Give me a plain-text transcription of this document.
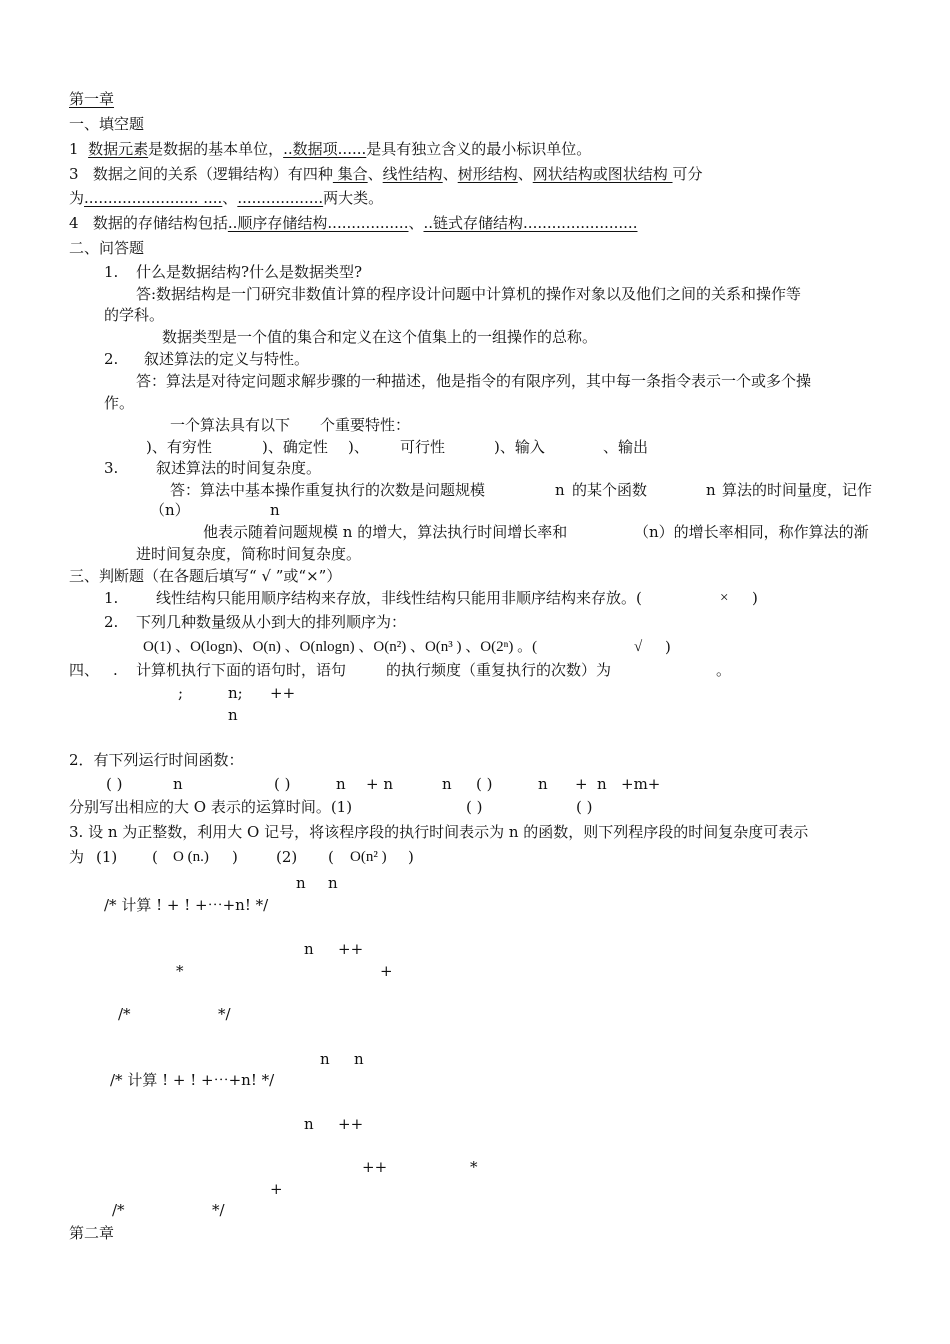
第一章
一、填空题
1 数据元素是数据的基本单位，..数据项......是具有独立含义的最小标识单位。
3 数据之间的关系（逻辑结构）有四种 集合、线性结构、树形结构、网状结构或图状结构 可分
为........................ ....、..................两大类。
4 数据的存储结构包括..顺序存储结构.................、..链式存储结构........................
二、问答题
1. 什么是数据结构?什么是数据类型?
答:数据结构是一门研究非数值计算的程序设计问题中计算机的操作对象以及他们之间的关系和操作等
的学科。
数据类型是一个值的集合和定义在这个值集上的一组操作的总称。
2. 叙述算法的定义与特性。
答：算法是对待定问题求解步骤的一种描述，他是指令的有限序列，其中每一条指令表示一个或多个操
作。
一个算法具有以下 个重要特性：
)、有穷性	)、确定性 )、 可行性	)、输入	、输出
3.	叙述算法的时间复杂度。
答：算法中基本操作重复执行的次数是问题规模	n 的某个函数	n 算法的时间量度，记作
（n）	n
他表示随着问题规模 n 的增大，算法执行时间增长率和	（n）的增长率相同，称作算法的渐
进时间复杂度，简称时间复杂度。
三、判断题（在各题后填写“ √ ”或“×”）
1.	线性结构只能用顺序结构来存放，非线性结构只能用非顺序结构来存放。(	× )
2. 下列几种数量级从小到大的排列顺序为：
O(1) 、O(logn)、O(n) 、O(nlogn) 、O(n²) 、O(n³ ) 、O(2ⁿ) 。(	√ )
四、 . 计算机执行下面的语句时，语句	的执行频度（重复执行的次数）为	。
;	n; ++
n
2．有下列运行时间函数：
( )	n	( )	n + n	n ( )	n + n +m+
分别写出相应的大 O 表示的运算时间。(1)	( )	( )
3. 设 n 为正整数，利用大 O 记号，将该程序段的执行时间表示为 n 的函数，则下列程序段的时间复杂度可表示
为 (1) ( O (n.) )	(2) ( O(n² ) )
n n
/* 计算 ! + ! +⋯+n! */
n ++
*	+
/*	*/
n n
/* 计算 ! + ! +⋯+n! */
n ++
++	*
+
/*	*/
第二章
